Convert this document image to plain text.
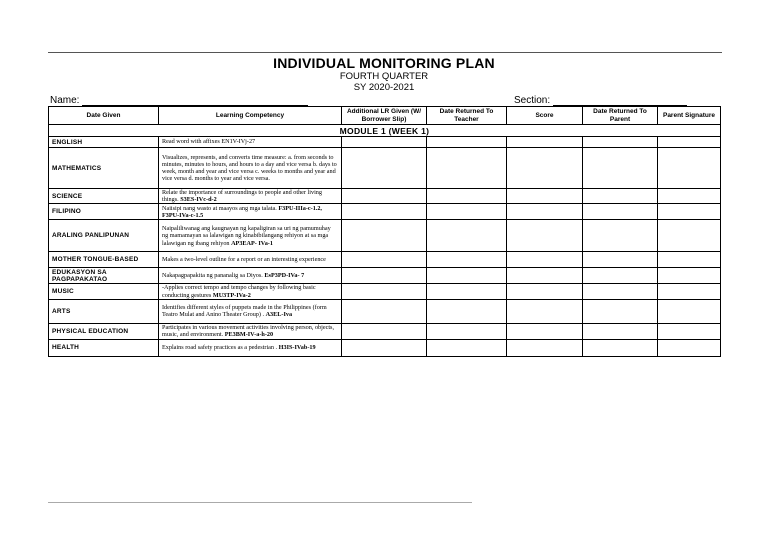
INDIVIDUAL MONITORING PLAN
FOURTH QUARTER
SY 2020-2021
Name:	Section:
Date Given	Learning Competency	Additional LR Given (W/ Borrower Slip)	Date Returned To Teacher	Score	Date Returned To Parent	Parent Signature
MODULE 1 (WEEK 1)						
ENGLISH	Read word with affixes EN1V-IVj-27					
MATHEMATICS	Visualizes, represents, and converts time measure: a. from seconds to minutes, minutes to hours, and hours to a day and vice versa b. days to week, month and year and vice versa c. weeks to months and year and vice versa d. months to year and vice versa.					
SCIENCE	Relate the importance of surroundings to people and other living things. S3ES-IVc-d-2					
FILIPINO	Naiisipi nang wasto at maayos ang mga talata. F3PU-IIIa-c-1.2, F3PU-IVa-c-1.5					
ARALING PANLIPUNAN	Naipaliliwanag ang kaugnayan ng kapaligiran sa uri ng pamumuhay ng mamamayan sa lalawigan ng kinabibilangang rehiyon at sa mga lalawigan ng ibang rehiyon AP3EAP- IVa-1					
MOTHER TONGUE-BASED	Makes a two-level outline for a report or an interesting experience					
EDUKASYON SA PAGPAPAKATAO	Nakapagpapakita ng pananalig sa Diyos. EsP3PD-IVa- 7					
MUSIC	-Applies correct tempo and tempo changes by following basic conducting gestures MU3TP-IVa-2					
ARTS	Identifies different styles of puppets made in the Philippines (form Teatro Mulat and Anino Theater Group) . A3EL-Iva					
PHYSICAL EDUCATION	Participates in various movement activities involving person, objects, music, and environment. PE3BM-IV-a-h-20					
HEALTH	Explains road safety practices as a pedestrian . H3IS-IVab-19					
